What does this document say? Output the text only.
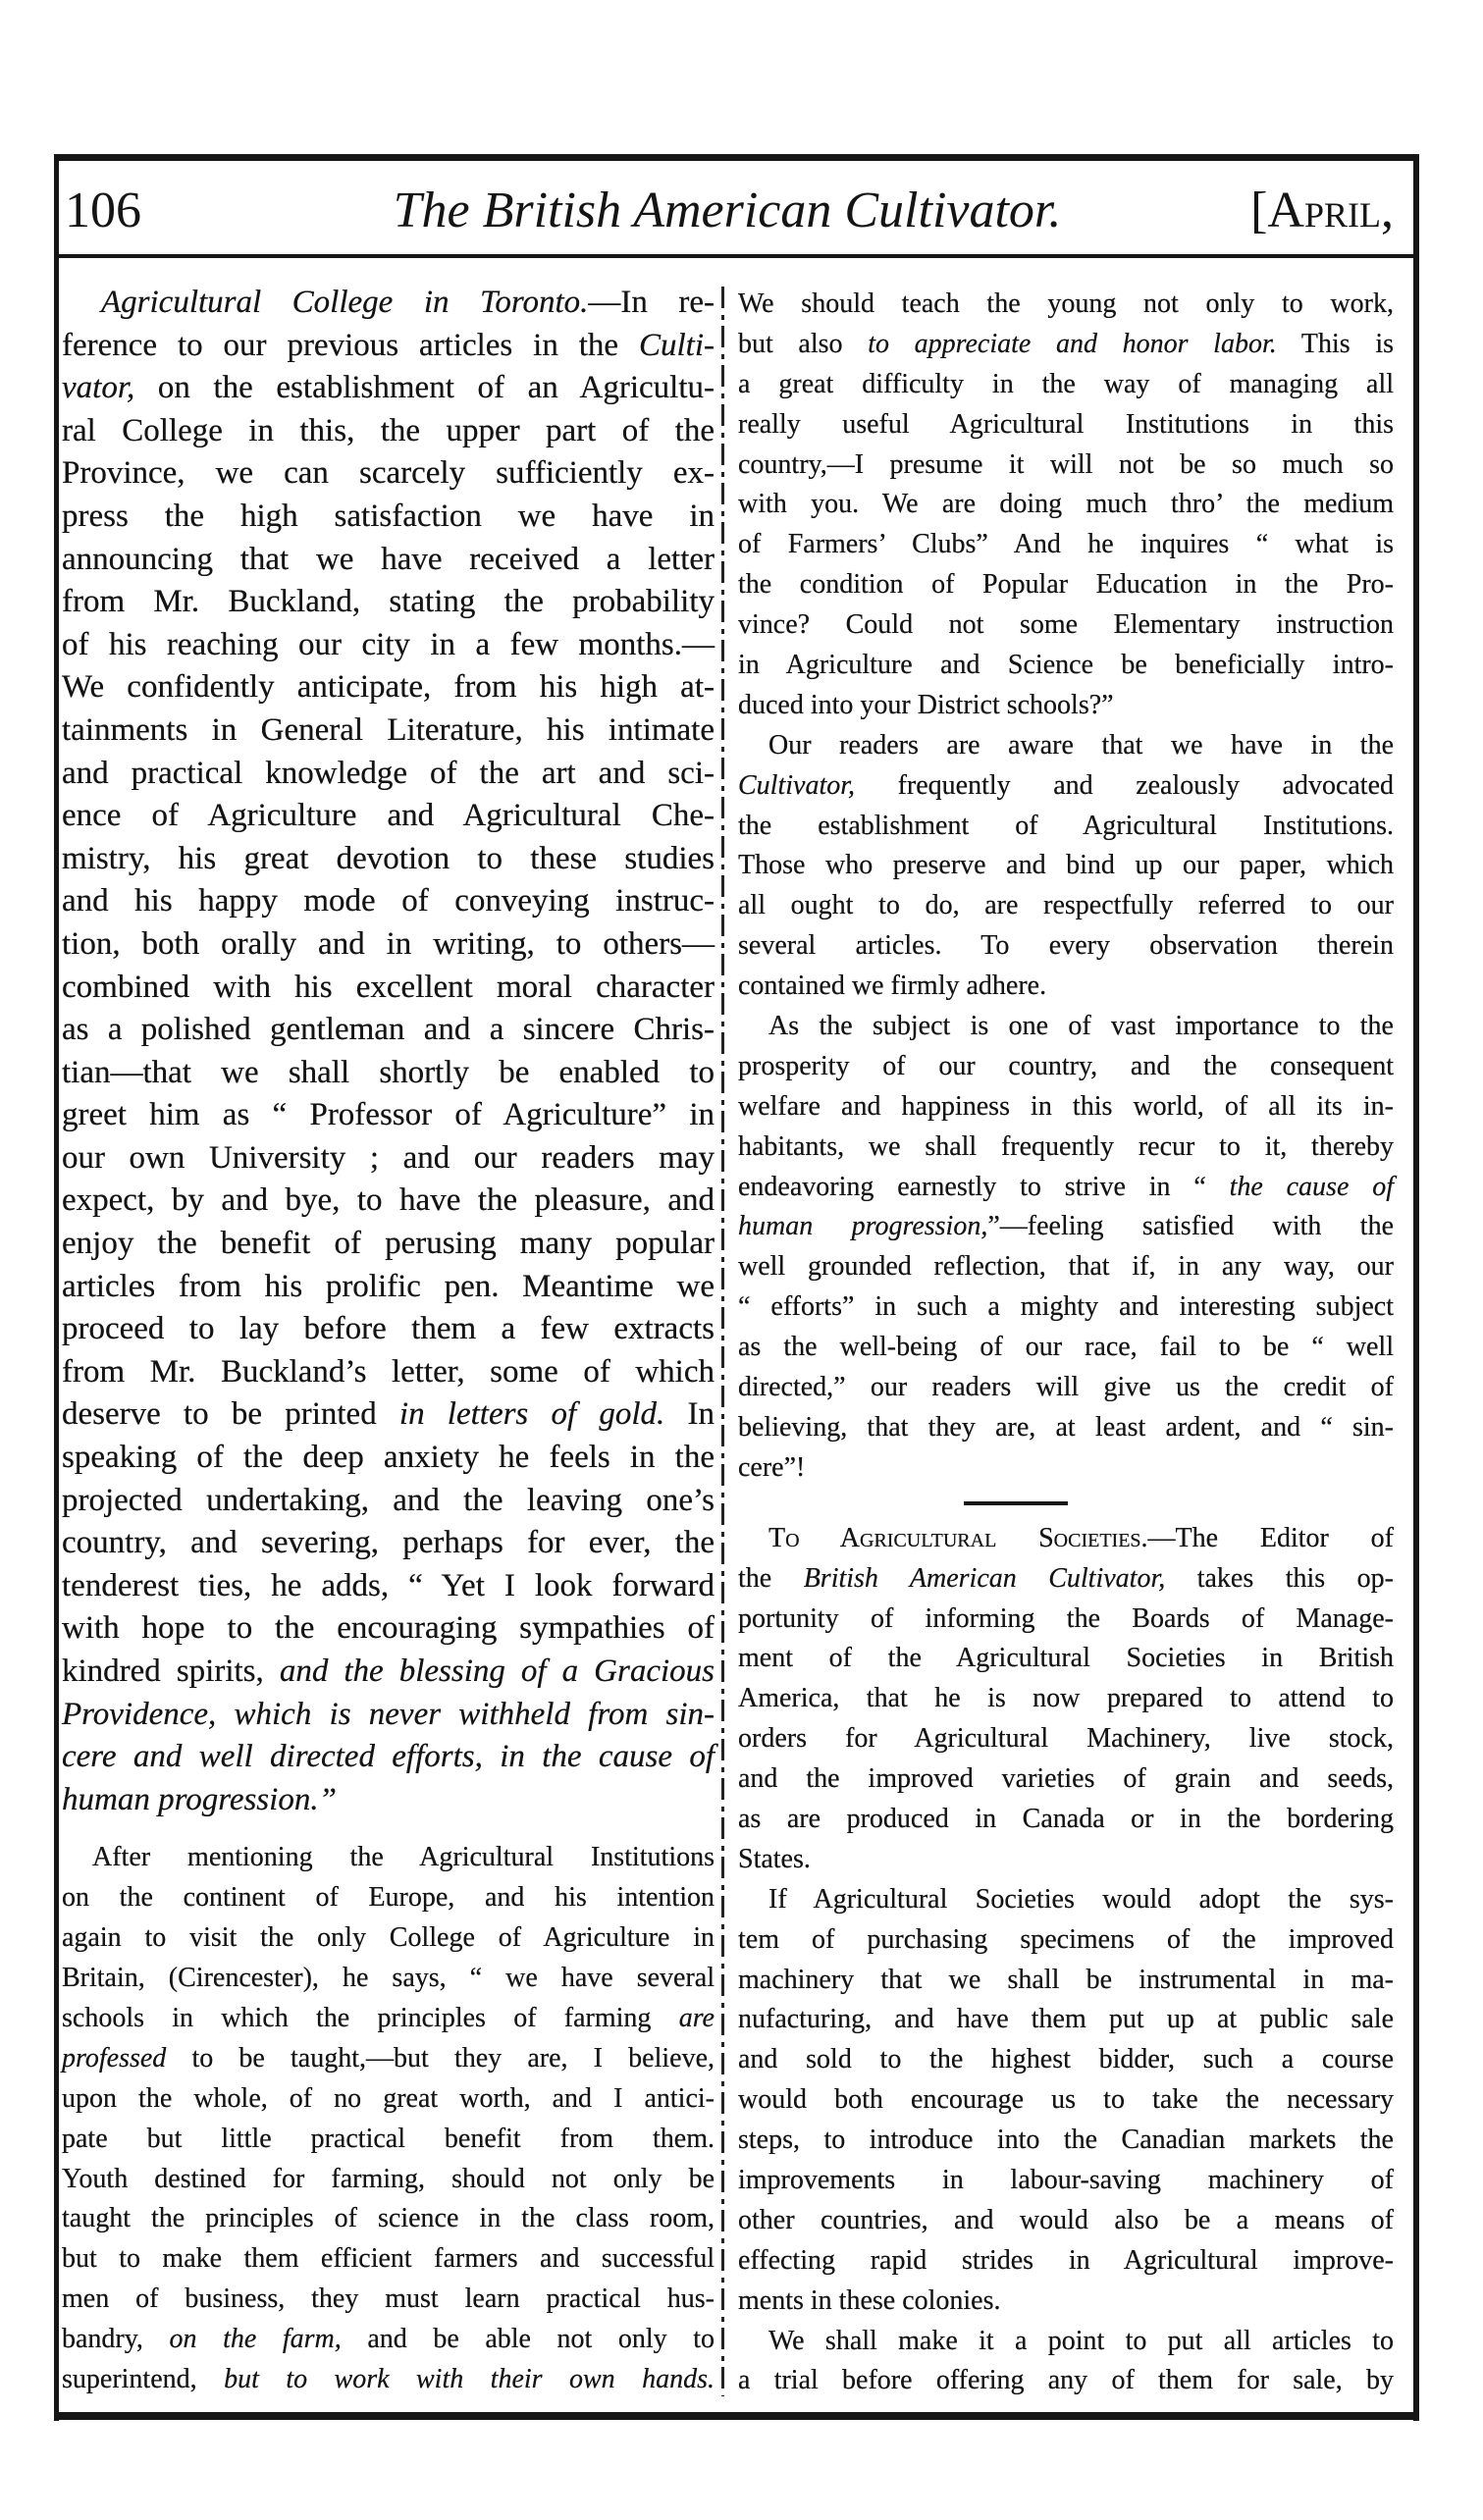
The British American Cultivator.
106	[April,
Agricultural College in Toronto.—In re-
ference to our previous articles in the Culti-
vator, on the establishment of an Agricultu-
ral College in this, the upper part of the
Province, we can scarcely sufficiently ex-
press the high satisfaction we have in
announcing that we have received a letter
from Mr. Buckland, stating the probability
of his reaching our city in a few months.—
We confidently anticipate, from his high at-
tainments in General Literature, his intimate
and practical knowledge of the art and sci-
ence of Agriculture and Agricultural Che-
mistry, his great devotion to these studies
and his happy mode of conveying instruc-
tion, both orally and in writing, to others—
combined with his excellent moral character
as a polished gentleman and a sincere Chris-
tian—that we shall shortly be enabled to
greet him as “ Professor of Agriculture” in
our own University ; and our readers may
expect, by and bye, to have the pleasure, and
enjoy the benefit of perusing many popular
articles from his prolific pen. Meantime we
proceed to lay before them a few extracts
from Mr. Buckland’s letter, some of which
deserve to be printed in letters of gold. In
speaking of the deep anxiety he feels in the
projected undertaking, and the leaving one’s
country, and severing, perhaps for ever, the
tenderest ties, he adds, “ Yet I look forward
with hope to the encouraging sympathies of
kindred spirits, and the blessing of a Gracious
Providence, which is never withheld from sin-
cere and well directed efforts, in the cause of
human progression.”
After mentioning the Agricultural Institutions
on the continent of Europe, and his intention
again to visit the only College of Agriculture in
Britain, (Cirencester), he says, “ we have several
schools in which the principles of farming are
professed to be taught,—but they are, I believe,
upon the whole, of no great worth, and I antici-
pate but little practical benefit from them.
Youth destined for farming, should not only be
taught the principles of science in the class room,
but to make them efficient farmers and successful
men of business, they must learn practical hus-
bandry, on the farm, and be able not only to
superintend, but to work with their own hands.
We should teach the young not only to work,
but also to appreciate and honor labor. This is
a great difficulty in the way of managing all
really useful Agricultural Institutions in this
country,—I presume it will not be so much so
with you. We are doing much thro’ the medium
of Farmers’ Clubs” And he inquires “ what is
the condition of Popular Education in the Pro-
vince? Could not some Elementary instruction
in Agriculture and Science be beneficially intro-
duced into your District schools?”
Our readers are aware that we have in the
Cultivator, frequently and zealously advocated
the establishment of Agricultural Institutions.
Those who preserve and bind up our paper, which
all ought to do, are respectfully referred to our
several articles. To every observation therein
contained we firmly adhere.
As the subject is one of vast importance to the
prosperity of our country, and the consequent
welfare and happiness in this world, of all its in-
habitants, we shall frequently recur to it, thereby
endeavoring earnestly to strive in “ the cause of
human progression,”—feeling satisfied with the
well grounded reflection, that if, in any way, our
“ efforts” in such a mighty and interesting subject
as the well-being of our race, fail to be “ well
directed,” our readers will give us the credit of
believing, that they are, at least ardent, and “ sin-
cere”!
To Agricultural Societies.—The Editor of
the British American Cultivator, takes this op-
portunity of informing the Boards of Manage-
ment of the Agricultural Societies in British
America, that he is now prepared to attend to
orders for Agricultural Machinery, live stock,
and the improved varieties of grain and seeds,
as are produced in Canada or in the bordering
States.
If Agricultural Societies would adopt the sys-
tem of purchasing specimens of the improved
machinery that we shall be instrumental in ma-
nufacturing, and have them put up at public sale
and sold to the highest bidder, such a course
would both encourage us to take the necessary
steps, to introduce into the Canadian markets the
improvements in labour-saving machinery of
other countries, and would also be a means of
effecting rapid strides in Agricultural improve-
ments in these colonies.
We shall make it a point to put all articles to
a trial before offering any of them for sale, by
